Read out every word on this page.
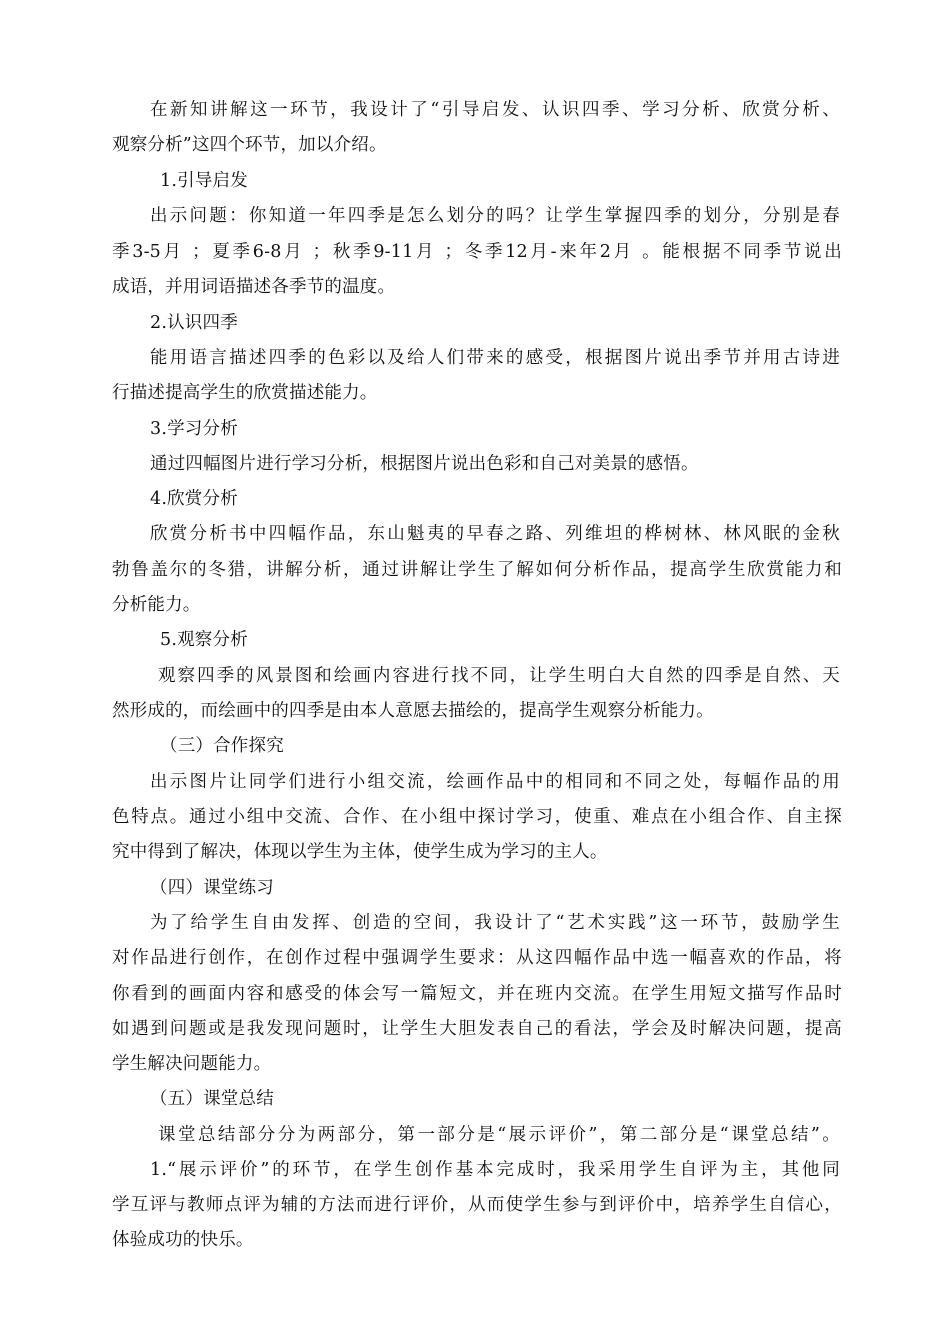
在新知讲解这一环节，我设计了“引导启发、认识四季、学习分析、欣赏分析、
观察分析”这四个环节，加以介绍。
1.引导启发
出示问题：你知道一年四季是怎么划分的吗？让学生掌握四季的划分，分别是春
季3-5月 ；夏季6-8月 ；秋季9-11月 ；冬季12月-来年2月 。能根据不同季节说出
成语，并用词语描述各季节的温度。
2.认识四季
能用语言描述四季的色彩以及给人们带来的感受，根据图片说出季节并用古诗进
行描述提高学生的欣赏描述能力。
3.学习分析
通过四幅图片进行学习分析，根据图片说出色彩和自己对美景的感悟。
4.欣赏分析
欣赏分析书中四幅作品，东山魁夷的早春之路、列维坦的桦树林、林风眠的金秋
勃鲁盖尔的冬猎，讲解分析，通过讲解让学生了解如何分析作品，提高学生欣赏能力和
分析能力。
5.观察分析
观察四季的风景图和绘画内容进行找不同，让学生明白大自然的四季是自然、天
然形成的，而绘画中的四季是由本人意愿去描绘的，提高学生观察分析能力。
（三）合作探究
出示图片让同学们进行小组交流，绘画作品中的相同和不同之处，每幅作品的用
色特点。通过小组中交流、合作、在小组中探讨学习，使重、难点在小组合作、自主探
究中得到了解决，体现以学生为主体，使学生成为学习的主人。
（四）课堂练习
为了给学生自由发挥、创造的空间，我设计了“艺术实践”这一环节，鼓励学生
对作品进行创作，在创作过程中强调学生要求：从这四幅作品中选一幅喜欢的作品，将
你看到的画面内容和感受的体会写一篇短文，并在班内交流。在学生用短文描写作品时
如遇到问题或是我发现问题时，让学生大胆发表自己的看法，学会及时解决问题，提高
学生解决问题能力。
（五）课堂总结
课堂总结部分分为两部分，第一部分是“展示评价”，第二部分是“课堂总结”。
1.“展示评价”的环节，在学生创作基本完成时，我采用学生自评为主，其他同
学互评与教师点评为辅的方法而进行评价，从而使学生参与到评价中，培养学生自信心，
体验成功的快乐。
